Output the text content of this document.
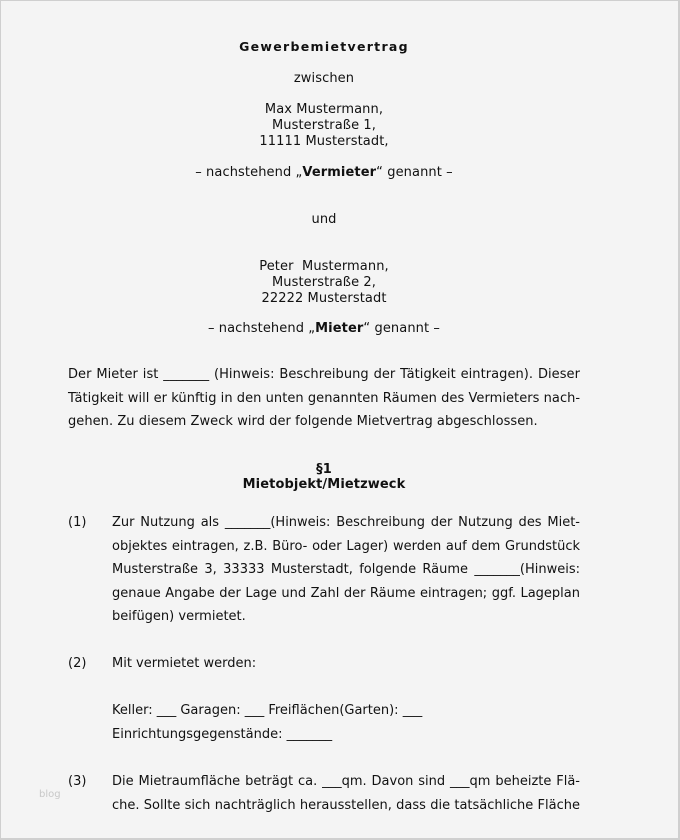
Gewerbemietvertrag
zwischen
Max Mustermann,
Musterstraße 1,
11111 Musterstadt,
– nachstehend „Vermieter“ genannt –
und
Peter  Mustermann,
Musterstraße 2,
22222 Musterstadt
– nachstehend „Mieter“ genannt –
Der Mieter ist _______ (Hinweis: Beschreibung der Tätigkeit eintragen). Dieser
Tätigkeit will er künftig in den unten genannten Räumen des Vermieters nach-
gehen. Zu diesem Zweck wird der folgende Mietvertrag abgeschlossen.
§1
Mietobjekt/Mietzweck
(1)	Zur Nutzung als _______(Hinweis: Beschreibung der Nutzung des Miet-
objektes eintragen, z.B. Büro- oder Lager) werden auf dem Grundstück
Musterstraße 3, 33333 Musterstadt, folgende Räume _______(Hinweis:
genaue Angabe der Lage und Zahl der Räume eintragen; ggf. Lageplan
beifügen) vermietet.
(2)	Mit vermietet werden:
Keller: ___ Garagen: ___ Freiflächen(Garten): ___
Einrichtungsgegenstände: _______
(3)	Die Mietraumfläche beträgt ca. ___qm. Davon sind ___qm beheizte Flä-
che. Sollte sich nachträglich herausstellen, dass die tatsächliche Fläche
blog
